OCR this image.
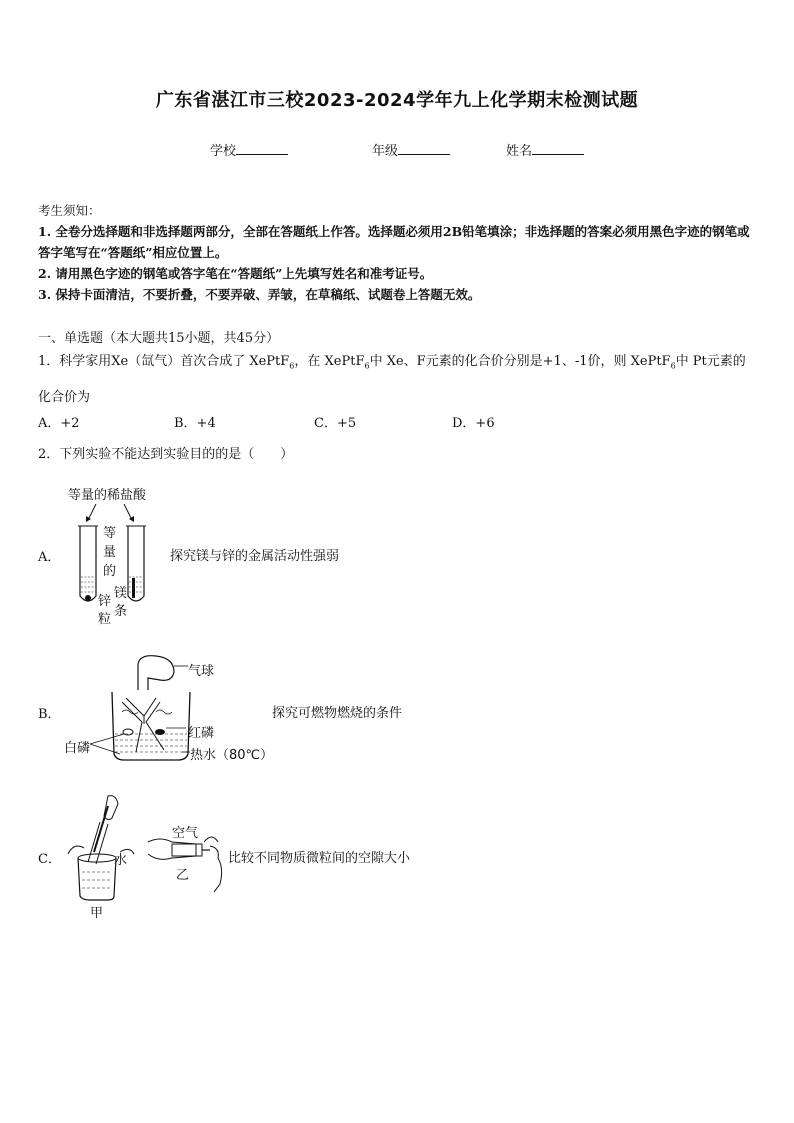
广东省湛江市三校2023-2024学年九上化学期末检测试题
学校	年级	姓名
考生须知：
1. 全卷分选择题和非选择题两部分，全部在答题纸上作答。选择题必须用2B铅笔填涂；非选择题的答案必须用黑色字迹的钢笔或答字笔写在“答题纸”相应位置上。
2. 请用黑色字迹的钢笔或答字笔在“答题纸”上先填写姓名和准考证号。
3. 保持卡面清洁，不要折叠，不要弄破、弄皱，在草稿纸、试题卷上答题无效。
一、单选题（本大题共15小题，共45分）
1．科学家用Xe（氙气）首次合成了 XePtF$_6$，在 XePtF$_6$中 Xe、F元素的化合价分别是+1、-1价，则 XePtF$_6$中 Pt元素的化合价为
A．+2	B．+4	C．+5	D．+6
2．下列实验不能达到实验目的的是（　　）
A．
等量的稀盐酸
等
量
的
锌
粒
镁
条
探究镁与锌的金属活动性强弱
B．
气球
红磷
白磷	热水（80℃）
探究可燃物燃烧的条件
C．
空气
水
甲
乙
比较不同物质微粒间的空隙大小
